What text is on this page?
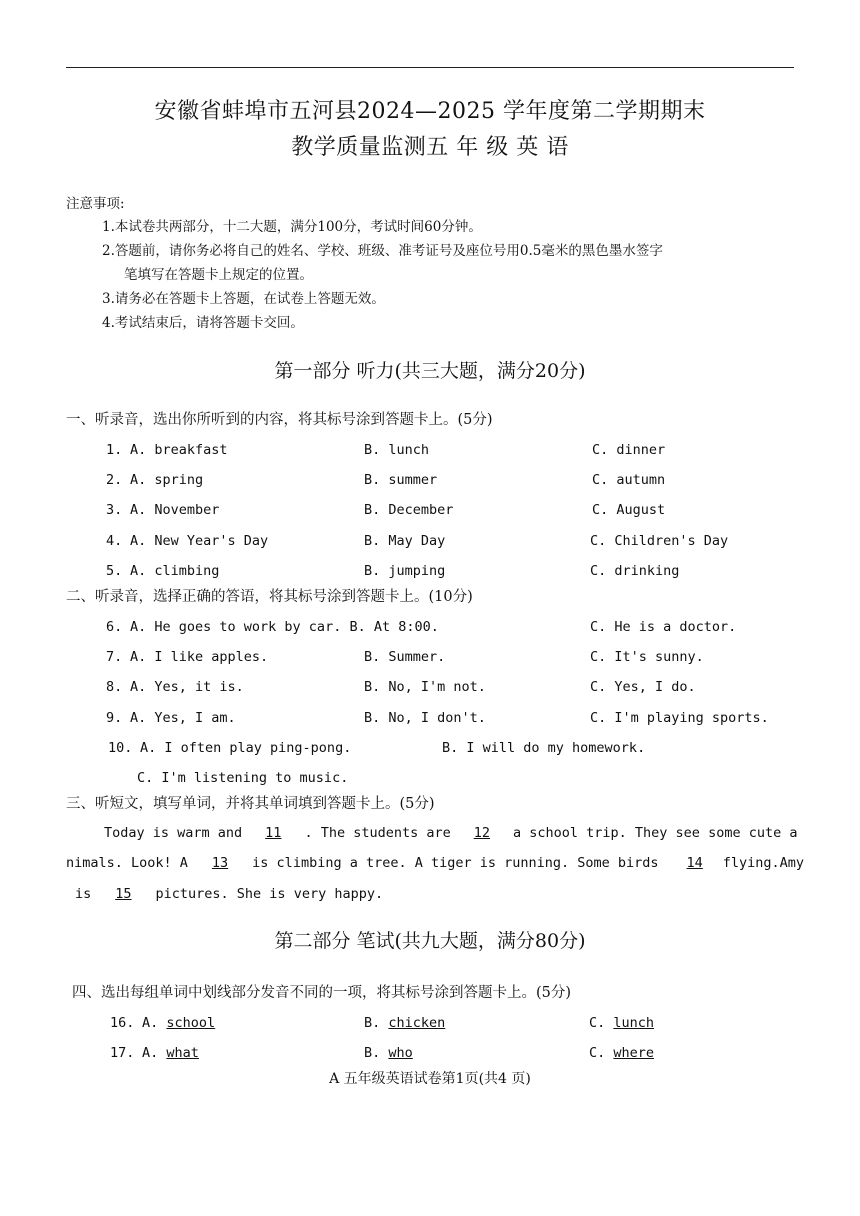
安徽省蚌埠市五河县2024—2025 学年度第二学期期末
教学质量监测五 年 级 英 语
注意事项:
1.本试卷共两部分，十二大题，满分100分，考试时间60分钟。
2.答题前，请你务必将自己的姓名、学校、班级、准考证号及座位号用0.5毫米的黑色墨水签字
笔填写在答题卡上规定的位置。
3.请务必在答题卡上答题，在试卷上答题无效。
4.考试结束后，请将答题卡交回。
第一部分 听力(共三大题，满分20分)
一、听录音，选出你所听到的内容，将其标号涂到答题卡上。(5分)
1. A. breakfast	B. lunch	C. dinner
2. A. spring	B. summer	C. autumn
3. A. November	B. December	C. August
4. A. New Year's Day	B. May Day	C. Children's Day
5. A. climbing	B. jumping	C. drinking
二、听录音，选择正确的答语，将其标号涂到答题卡上。(10分)
6. A. He goes to work by car. B. At 8:00.	C. He is a doctor.
7. A. I like apples.	B. Summer.	C. It's sunny.
8. A. Yes, it is.	B. No, I'm not.	C. Yes, I do.
9. A. Yes, I am.	B. No, I don't.	C. I'm playing sports.
10. A. I often play ping-pong.	B. I will do my homework.
C. I'm listening to music.
三、听短文，填写单词，并将其单词填到答题卡上。(5分)
Today is warm and 11 . The students are 12 a school trip. They see some cute a
nimals. Look! A 13 is climbing a tree. A tiger is running. Some birds 14 flying.Amy
is 15 pictures. She is very happy.
第二部分 笔试(共九大题，满分80分)
四、选出每组单词中划线部分发音不同的一项，将其标号涂到答题卡上。(5分)
16. A. school	B. chicken	C. lunch
17. A. what	B. who	C. where
A 五年级英语试卷第1页(共4 页)
